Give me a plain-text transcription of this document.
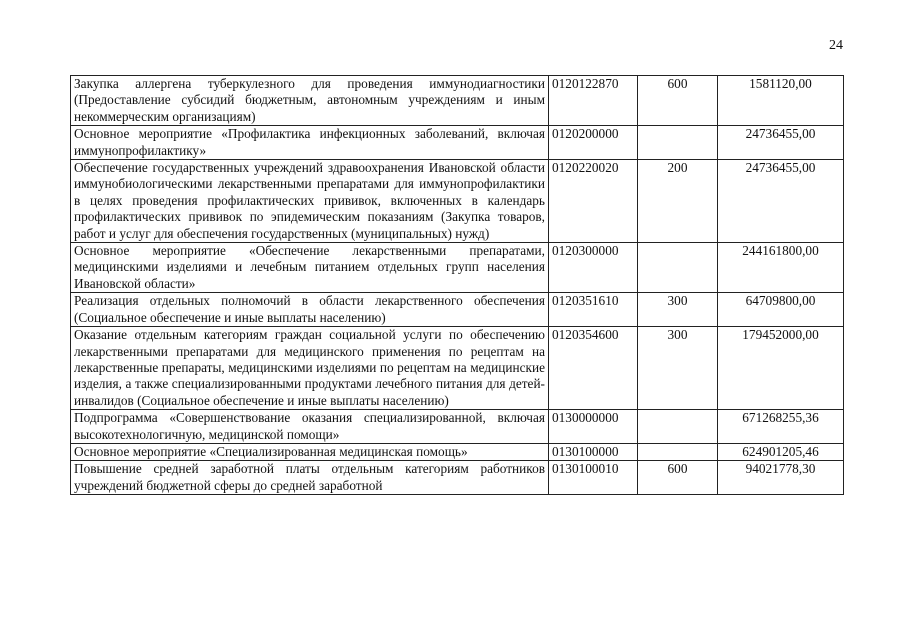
24
Закупка аллергена туберкулезного для проведения иммунодиагностики (Предоставление субсидий бюджетным, автономным учреждениям и иным некоммерческим организациям)	0120122870	600	1581120,00
Основное мероприятие «Профилактика инфекционных заболеваний, включая иммунопрофилактику»	0120200000		24736455,00
Обеспечение государственных учреждений здравоохранения Ивановской области иммунобиологическими лекарственными препаратами для иммунопрофилактики в целях проведения профилактических прививок, включенных в календарь профилактических прививок по эпидемическим показаниям (Закупка товаров, работ и услуг для обеспечения государственных (муниципальных) нужд)	0120220020	200	24736455,00
Основное мероприятие «Обеспечение лекарственными препаратами, медицинскими изделиями и лечебным питанием отдельных групп населения Ивановской области»	0120300000		244161800,00
Реализация отдельных полномочий в области лекарственного обеспечения (Социальное обеспечение и иные выплаты населению)	0120351610	300	64709800,00
Оказание отдельным категориям граждан социальной услуги по обеспечению лекарственными препаратами для медицинского применения по рецептам на лекарственные препараты, медицинскими изделиями по рецептам на медицинские изделия, а также специализированными продуктами лечебного питания для детей-инвалидов (Социальное обеспечение и иные выплаты населению)	0120354600	300	179452000,00
Подпрограмма «Совершенствование оказания специализированной, включая высокотехнологичную, медицинской помощи»	0130000000		671268255,36
Основное мероприятие «Специализированная медицинская помощь»	0130100000		624901205,46
Повышение средней заработной платы отдельным категориям работников учреждений бюджетной сферы до средней заработной	0130100010	600	94021778,30
